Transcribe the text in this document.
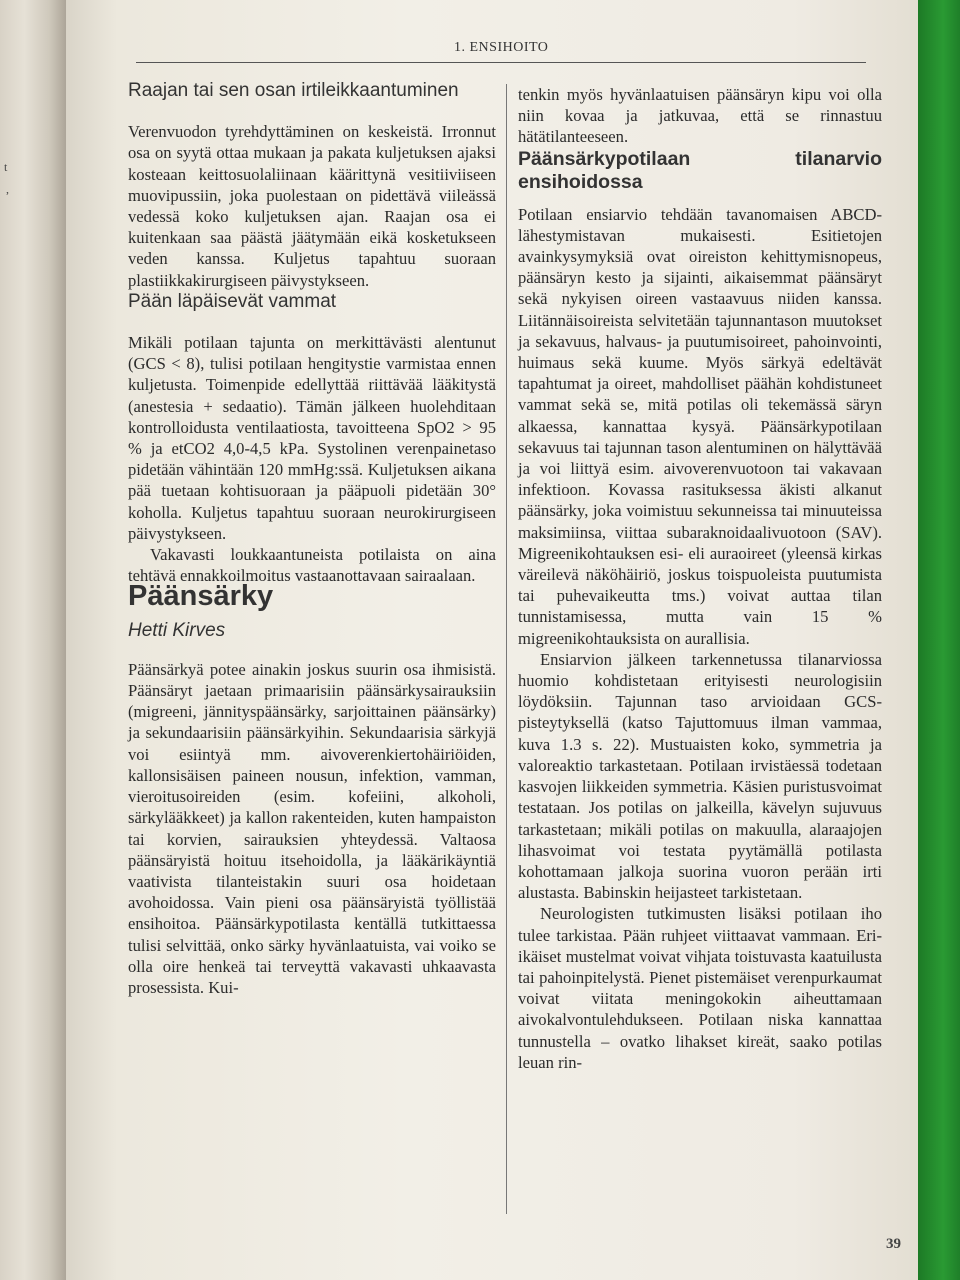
t
,
1. ENSIHOITO
Raajan tai sen osan irtileikkaantuminen

Verenvuodon tyrehdyttäminen on keskeistä. Irronnut osa on syytä ottaa mukaan ja pakata kuljetuksen ajaksi kosteaan keittosuolaliinaan käärittynä vesitiiviiseen muovipussiin, joka puolestaan on pidettävä viileässä vedessä koko kuljetuksen ajan. Raajan osa ei kuitenkaan saa päästä jäätymään eikä kosketukseen veden kanssa. Kuljetus tapahtuu suoraan plastiikkakirurgiseen päivystykseen.

Pään läpäisevät vammat

Mikäli potilaan tajunta on merkittävästi alentunut (GCS < 8), tulisi potilaan hengitystie varmistaa ennen kuljetusta. Toimenpide edellyttää riittävää lääkitystä (anestesia + sedaatio). Tämän jälkeen huolehditaan kontrolloidusta ventilaatiosta, tavoitteena SpO2 > 95 % ja etCO2 4,0-4,5 kPa. Systolinen verenpainetaso pidetään vähintään 120 mmHg:ssä. Kuljetuksen aikana pää tuetaan kohtisuoraan ja pääpuoli pidetään 30° koholla. Kuljetus tapahtuu suoraan neurokirurgiseen päivystykseen.

Vakavasti loukkaantuneista potilaista on aina tehtävä ennakkoilmoitus vastaanottavaan sairaalaan.

Päänsärky
Hetti Kirves

Päänsärkyä potee ainakin joskus suurin osa ihmisistä. Päänsäryt jaetaan primaarisiin päänsärkysairauksiin (migreeni, jännityspäänsärky, sarjoittainen päänsärky) ja sekundaarisiin päänsärkyihin. Sekundaarisia särkyjä voi esiintyä mm. aivoverenkiertohäiriöiden, kallonsisäisen paineen nousun, infektion, vamman, vieroitusoireiden (esim. kofeiini, alkoholi, särkylääkkeet) ja kallon rakenteiden, kuten hampaiston tai korvien, sairauksien yhteydessä. Valtaosa päänsäryistä hoituu itsehoidolla, ja lääkärikäyntiä vaativista tilanteistakin suuri osa hoidetaan avohoidossa. Vain pieni osa päänsäryistä työllistää ensihoitoa. Päänsärkypotilasta kentällä tutkittaessa tulisi selvittää, onko särky hyvänlaatuista, vai voiko se olla oire henkeä tai terveyttä vakavasti uhkaavasta prosessista. Kui-

tenkin myös hyvänlaatuisen päänsäryn kipu voi olla niin kovaa ja jatkuvaa, että se rinnastuu hätätilanteeseen.

Päänsärkypotilaan tilanarvio ensihoidossa

Potilaan ensiarvio tehdään tavanomaisen ABCD-lähestymistavan mukaisesti. Esitietojen avainkysymyksiä ovat oireiston kehittymisnopeus, päänsäryn kesto ja sijainti, aikaisemmat päänsäryt sekä nykyisen oireen vastaavuus niiden kanssa. Liitännäisoireista selvitetään tajunnantason muutokset ja sekavuus, halvaus- ja puutumisoireet, pahoinvointi, huimaus sekä kuume. Myös särkyä edeltävät tapahtumat ja oireet, mahdolliset päähän kohdistuneet vammat sekä se, mitä potilas oli tekemässä säryn alkaessa, kannattaa kysyä. Päänsärkypotilaan sekavuus tai tajunnan tason alentuminen on hälyttävää ja voi liittyä esim. aivoverenvuotoon tai vakavaan infektioon. Kovassa rasituksessa äkisti alkanut päänsärky, joka voimistuu sekunneissa tai minuuteissa maksimiinsa, viittaa subaraknoidaalivuotoon (SAV). Migreenikohtauksen esi- eli auraoireet (yleensä kirkas väreilevä näköhäiriö, joskus toispuoleista puutumista tai puhevaikeutta tms.) voivat auttaa tilan tunnistamisessa, mutta vain 15 % migreenikohtauksista on aurallisia.

Ensiarvion jälkeen tarkennetussa tilanarviossa huomio kohdistetaan erityisesti neurologisiin löydöksiin. Tajunnan taso arvioidaan GCS-pisteytyksellä (katso Tajuttomuus ilman vammaa, kuva 1.3 s. 22). Mustuaisten koko, symmetria ja valoreaktio tarkastetaan. Potilaan irvistäessä todetaan kasvojen liikkeiden symmetria. Käsien puristusvoimat testataan. Jos potilas on jalkeilla, kävelyn sujuvuus tarkastetaan; mikäli potilas on makuulla, alaraajojen lihasvoimat voi testata pyytämällä potilasta kohottamaan jalkoja suorina vuoron perään irti alustasta. Babinskin heijasteet tarkistetaan.

Neurologisten tutkimusten lisäksi potilaan iho tulee tarkistaa. Pään ruhjeet viittaavat vammaan. Eri-ikäiset mustelmat voivat vihjata toistuvasta kaatuilusta tai pahoinpitelystä. Pienet pistemäiset verenpurkaumat voivat viitata meningokokin aiheuttamaan aivokalvontulehdukseen. Potilaan niska kannattaa tunnustella – ovatko lihakset kireät, saako potilas leuan rin-

39
